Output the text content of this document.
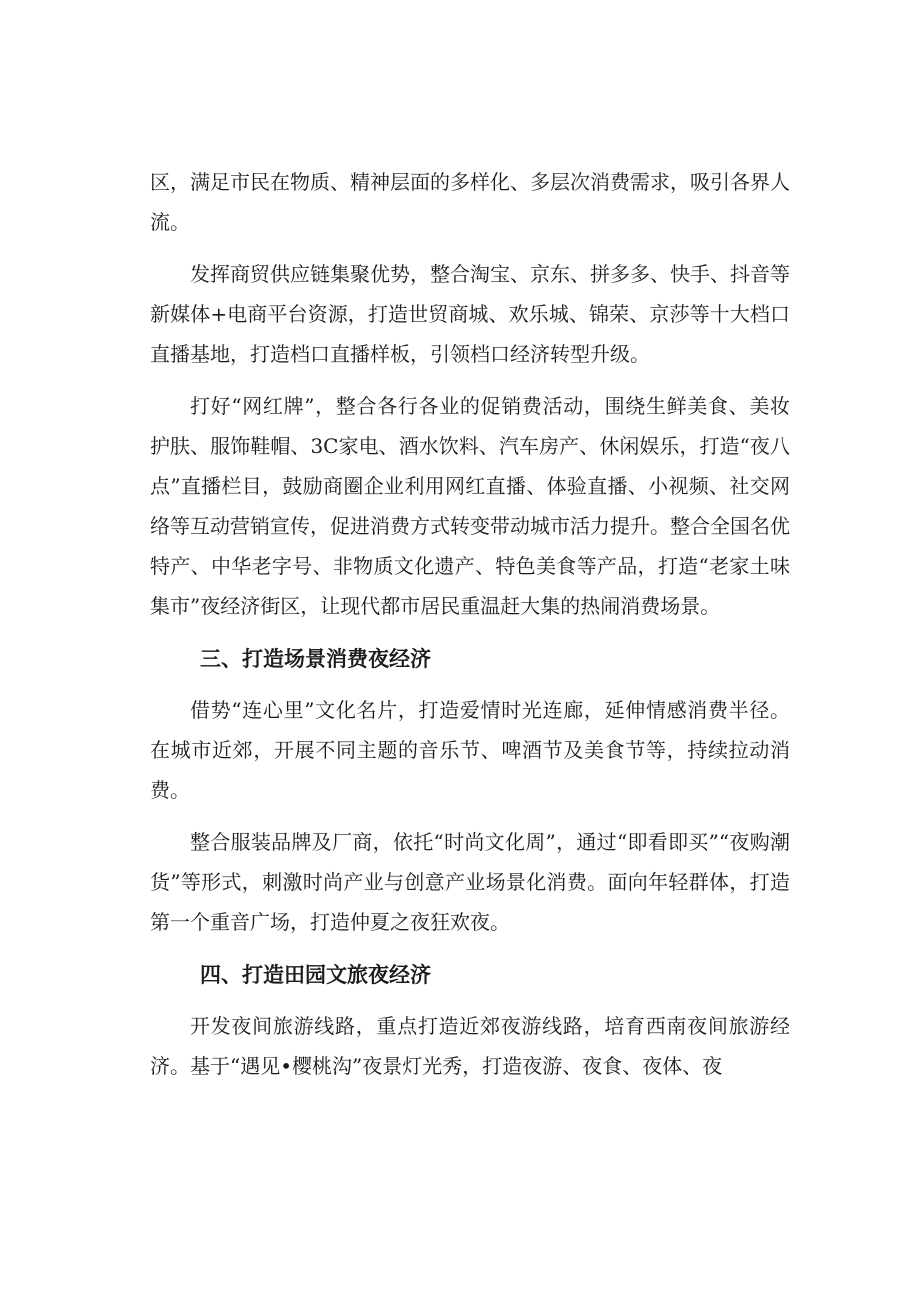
区，满足市民在物质、精神层面的多样化、多层次消费需求，吸引各界人流。

发挥商贸供应链集聚优势，整合淘宝、京东、拼多多、快手、抖音等新媒体+电商平台资源，打造世贸商城、欢乐城、锦荣、京莎等十大档口直播基地，打造档口直播样板，引领档口经济转型升级。

打好“网红牌”，整合各行各业的促销费活动，围绕生鲜美食、美妆护肤、服饰鞋帽、3C家电、酒水饮料、汽车房产、休闲娱乐，打造“夜八点”直播栏目，鼓励商圈企业利用网红直播、体验直播、小视频、社交网络等互动营销宣传，促进消费方式转变带动城市活力提升。整合全国名优特产、中华老字号、非物质文化遗产、特色美食等产品，打造“老家土味集市”夜经济街区，让现代都市居民重温赶大集的热闹消费场景。

三、打造场景消费夜经济

借势“连心里”文化名片，打造爱情时光连廊，延伸情感消费半径。在城市近郊，开展不同主题的音乐节、啤酒节及美食节等，持续拉动消费。

整合服装品牌及厂商，依托“时尚文化周”，通过“即看即买”“夜购潮货”等形式，刺激时尚产业与创意产业场景化消费。面向年轻群体，打造第一个重音广场，打造仲夏之夜狂欢夜。

四、打造田园文旅夜经济

开发夜间旅游线路，重点打造近郊夜游线路，培育西南夜间旅游经济。基于“遇见•樱桃沟”夜景灯光秀，打造夜游、夜食、夜体、夜
